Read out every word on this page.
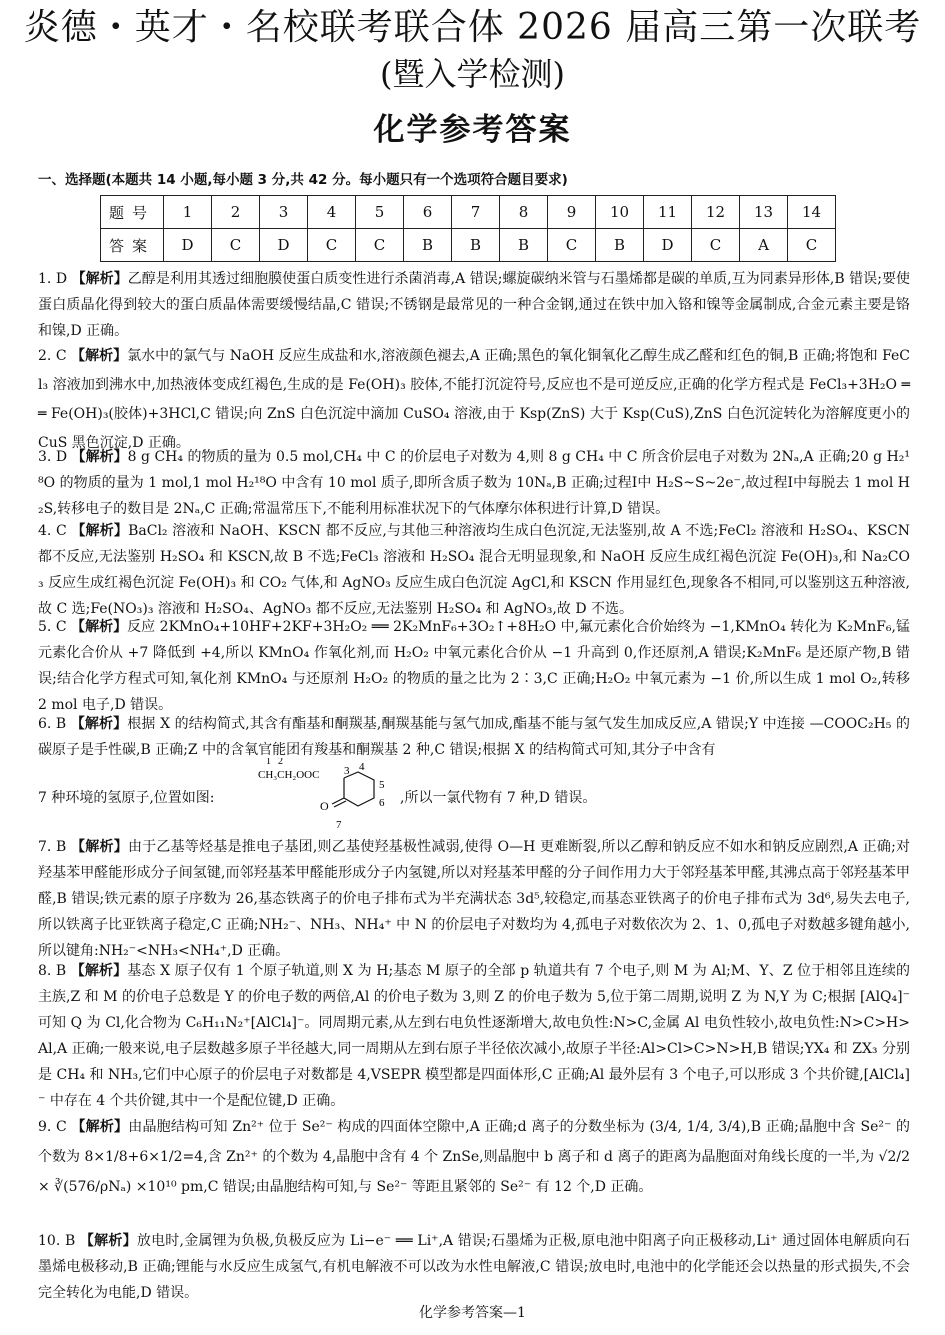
炎德・英才・名校联考联合体 2026 届高三第一次联考
(暨入学检测)
化学参考答案
一、选择题(本题共 14 小题,每小题 3 分,共 42 分。每小题只有一个选项符合题目要求)
题号	1	2	3	4	5	6	7	8	9	10	11	12	13	14
答案	D	C	D	C	C	B	B	B	C	B	D	C	A	C
1. D 【 解析 】 乙醇是利用其透过细胞膜使蛋白质变性进行杀菌消毒,A 错误;螺旋碳纳米管与石墨烯都是碳的单质,互为同素异形体,B 错误;要使蛋白质晶化得到较大的蛋白质晶体需要缓慢结晶,C 错误;不锈钢是最常见的一种合金钢,通过在铁中加入铬和镍等金属制成,合金元素主要是铬和镍,D 正确。
2. C 【 解析 】 氯水中的氯气与 NaOH 反应生成盐和水,溶液颜色褪去,A 正确;黑色的氧化铜氧化乙醇生成乙醛和红色的铜,B 正确;将饱和 FeCl₃ 溶液加到沸水中,加热液体变成红褐色,生成的是 Fe(OH)₃ 胶体,不能打沉淀符号,反应也不是可逆反应,正确的化学方程式是 FeCl₃+3H₂O ══ Fe(OH)₃(胶体)+3HCl,C 错误;向 ZnS 白色沉淀中滴加 CuSO₄ 溶液,由于 Ksp(ZnS) 大于 Ksp(CuS),ZnS 白色沉淀转化为溶解度更小的 CuS 黑色沉淀,D 正确。
3. D 【 解析 】 8 g CH₄ 的物质的量为 0.5 mol,CH₄ 中 C 的价层电子对数为 4,则 8 g CH₄ 中 C 所含价层电子对数为 2Nₐ,A 正确;20 g H₂¹⁸O 的物质的量为 1 mol,1 mol H₂¹⁸O 中含有 10 mol 质子,即所含质子数为 10Nₐ,B 正确;过程Ⅰ中 H₂S~S~2e⁻,故过程Ⅰ中每脱去 1 mol H₂S,转移电子的数目是 2Nₐ,C 正确;常温常压下,不能利用标准状况下的气体摩尔体积进行计算,D 错误。
4. C 【 解析 】 BaCl₂ 溶液和 NaOH、KSCN 都不反应,与其他三种溶液均生成白色沉淀,无法鉴别,故 A 不选;FeCl₂ 溶液和 H₂SO₄、KSCN 都不反应,无法鉴别 H₂SO₄ 和 KSCN,故 B 不选;FeCl₃ 溶液和 H₂SO₄ 混合无明显现象,和 NaOH 反应生成红褐色沉淀 Fe(OH)₃,和 Na₂CO₃ 反应生成红褐色沉淀 Fe(OH)₃ 和 CO₂ 气体,和 AgNO₃ 反应生成白色沉淀 AgCl,和 KSCN 作用显红色,现象各不相同,可以鉴别这五种溶液,故 C 选;Fe(NO₃)₃ 溶液和 H₂SO₄、AgNO₃ 都不反应,无法鉴别 H₂SO₄ 和 AgNO₃,故 D 不选。
5. C 【 解析 】 反应 2KMnO₄+10HF+2KF+3H₂O₂ ══ 2K₂MnF₆+3O₂↑+8H₂O 中,氟元素化合价始终为 −1,KMnO₄ 转化为 K₂MnF₆,锰元素化合价从 +7 降低到 +4,所以 KMnO₄ 作氧化剂,而 H₂O₂ 中氧元素化合价从 −1 升高到 0,作还原剂,A 错误;K₂MnF₆ 是还原产物,B 错误;结合化学方程式可知,氧化剂 KMnO₄ 与还原剂 H₂O₂ 的物质的量之比为 2∶3,C 正确;H₂O₂ 中氧元素为 −1 价,所以生成 1 mol O₂,转移 2 mol 电子,D 错误。
6. B 【 解析 】 根据 X 的结构简式,其含有酯基和酮羰基,酮羰基能与氢气加成,酯基不能与氢气发生加成反应,A 错误;Y 中连接 —COOC₂H₅ 的碳原子是手性碳,B 正确;Z 中的含氧官能团有羧基和酮羰基 2 种,C 错误;根据 X 的结构简式可知,其分子中含有
7 种环境的氢原子,位置如图:
1 2
CH₃CH₂OOC 3 4
5
6
7
O	,所以一氯代物有 7 种,D 错误。
7. B 【 解析 】 由于乙基等烃基是推电子基团,则乙基使羟基极性减弱,使得 O—H 更难断裂,所以乙醇和钠反应不如水和钠反应剧烈,A 正确;对羟基苯甲醛能形成分子间氢键,而邻羟基苯甲醛能形成分子内氢键,所以对羟基苯甲醛的分子间作用力大于邻羟基苯甲醛,其沸点高于邻羟基苯甲醛,B 错误;铁元素的原子序数为 26,基态铁离子的价电子排布式为半充满状态 3d⁵,较稳定,而基态亚铁离子的价电子排布式为 3d⁶,易失去电子,所以铁离子比亚铁离子稳定,C 正确;NH₂⁻、NH₃、NH₄⁺ 中 N 的价层电子对数均为 4,孤电子对数依次为 2、1、0,孤电子对数越多键角越小,所以键角:NH₂⁻<NH₃<NH₄⁺,D 正确。
8. B 【 解析 】 基态 X 原子仅有 1 个原子轨道,则 X 为 H;基态 M 原子的全部 p 轨道共有 7 个电子,则 M 为 Al;M、Y、Z 位于相邻且连续的主族,Z 和 M 的价电子总数是 Y 的价电子数的两倍,Al 的价电子数为 3,则 Z 的价电子数为 5,位于第二周期,说明 Z 为 N,Y 为 C;根据 [AlQ₄]⁻ 可知 Q 为 Cl,化合物为 C₆H₁₁N₂⁺[AlCl₄]⁻。同周期元素,从左到右电负性逐渐增大,故电负性:N>C,金属 Al 电负性较小,故电负性:N>C>H>Al,A 正确;一般来说,电子层数越多原子半径越大,同一周期从左到右原子半径依次减小,故原子半径:Al>Cl>C>N>H,B 错误;YX₄ 和 ZX₃ 分别是 CH₄ 和 NH₃,它们中心原子的价层电子对数都是 4,VSEPR 模型都是四面体形,C 正确;Al 最外层有 3 个电子,可以形成 3 个共价键,[AlCl₄]⁻ 中存在 4 个共价键,其中一个是配位键,D 正确。
9. C 【 解析 】 由晶胞结构可知 Zn²⁺ 位于 Se²⁻ 构成的四面体空隙中,A 正确;d 离子的分数坐标为 (3/4, 1/4, 3/4),B 正确;晶胞中含 Se²⁻ 的个数为 8×1/8+6×1/2=4,含 Zn²⁺ 的个数为 4,晶胞中含有 4 个 ZnSe,则晶胞中 b 离子和 d 离子的距离为晶胞面对角线长度的一半,为 √2/2 × ∛(576/ρNₐ) ×10¹⁰ pm,C 错误;由晶胞结构可知,与 Se²⁻ 等距且紧邻的 Se²⁻ 有 12 个,D 正确。
10. B 【 解析 】 放电时,金属锂为负极,负极反应为 Li−e⁻ ══ Li⁺,A 错误;石墨烯为正极,原电池中阳离子向正极移动,Li⁺ 通过固体电解质向石墨烯电极移动,B 正确;锂能与水反应生成氢气,有机电解液不可以改为水性电解液,C 错误;放电时,电池中的化学能还会以热量的形式损失,不会完全转化为电能,D 错误。
化学参考答案—1
